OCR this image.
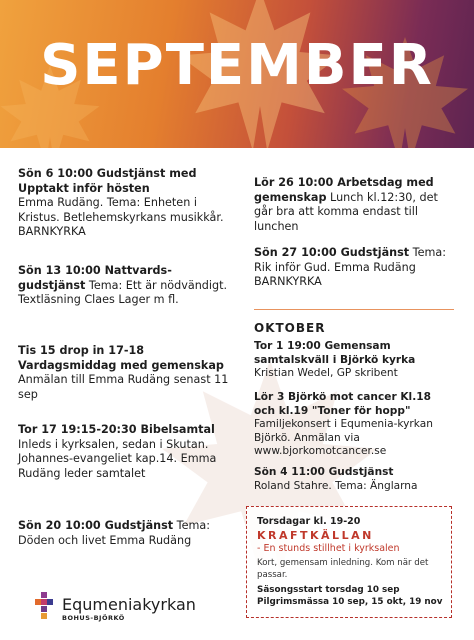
SEPTEMBER
Sön 6 10:00 Gudstjänst med Upptakt inför hösten
Emma Rudäng. Tema: Enheten i Kristus. Betlehemskyrkans musikkår. BARNKYRKA
Sön 13 10:00 Nattvards-gudstjänst Tema: Ett är nödvändigt. Textläsning Claes Lager m fl.
Tis 15 drop in 17-18 Vardagsmiddag med gemenskap Anmälan till Emma Rudäng senast 11 sep
Tor 17 19:15-20:30 Bibelsamtal
Inleds i kyrksalen, sedan i Skutan. Johannes-evangeliet kap.14. Emma Rudäng leder samtalet
Sön 20 10:00 Gudstjänst Tema: Döden och livet Emma Rudäng
Lör 26 10:00 Arbetsdag med gemenskap Lunch kl.12:30, det går bra att komma endast till lunchen
Sön 27 10:00 Gudstjänst Tema: Rik inför Gud. Emma Rudäng BARNKYRKA
OKTOBER
Tor 1 19:00 Gemensam samtalskväll i Björkö kyrka Kristian Wedel, GP skribent
Lör 3 Björkö mot cancer Kl.18 och kl.19 "Toner för hopp" Familjekonsert i Equmenia-kyrkan Björkö. Anmälan via www.bjorkomotcancer.se
Sön 4 11:00 Gudstjänst
Roland Stahre. Tema: Änglarna
Torsdagar kl. 19-20
KRAFTKÄLLAN
- En stunds stillhet i kyrksalen
Kort, gemensam inledning. Kom när det passar.
Säsongsstart torsdag 10 sep
Pilgrimsmässa 10 sep, 15 okt, 19 nov
Equmeniakyrkan
BOHUS-BJÖRKÖ
